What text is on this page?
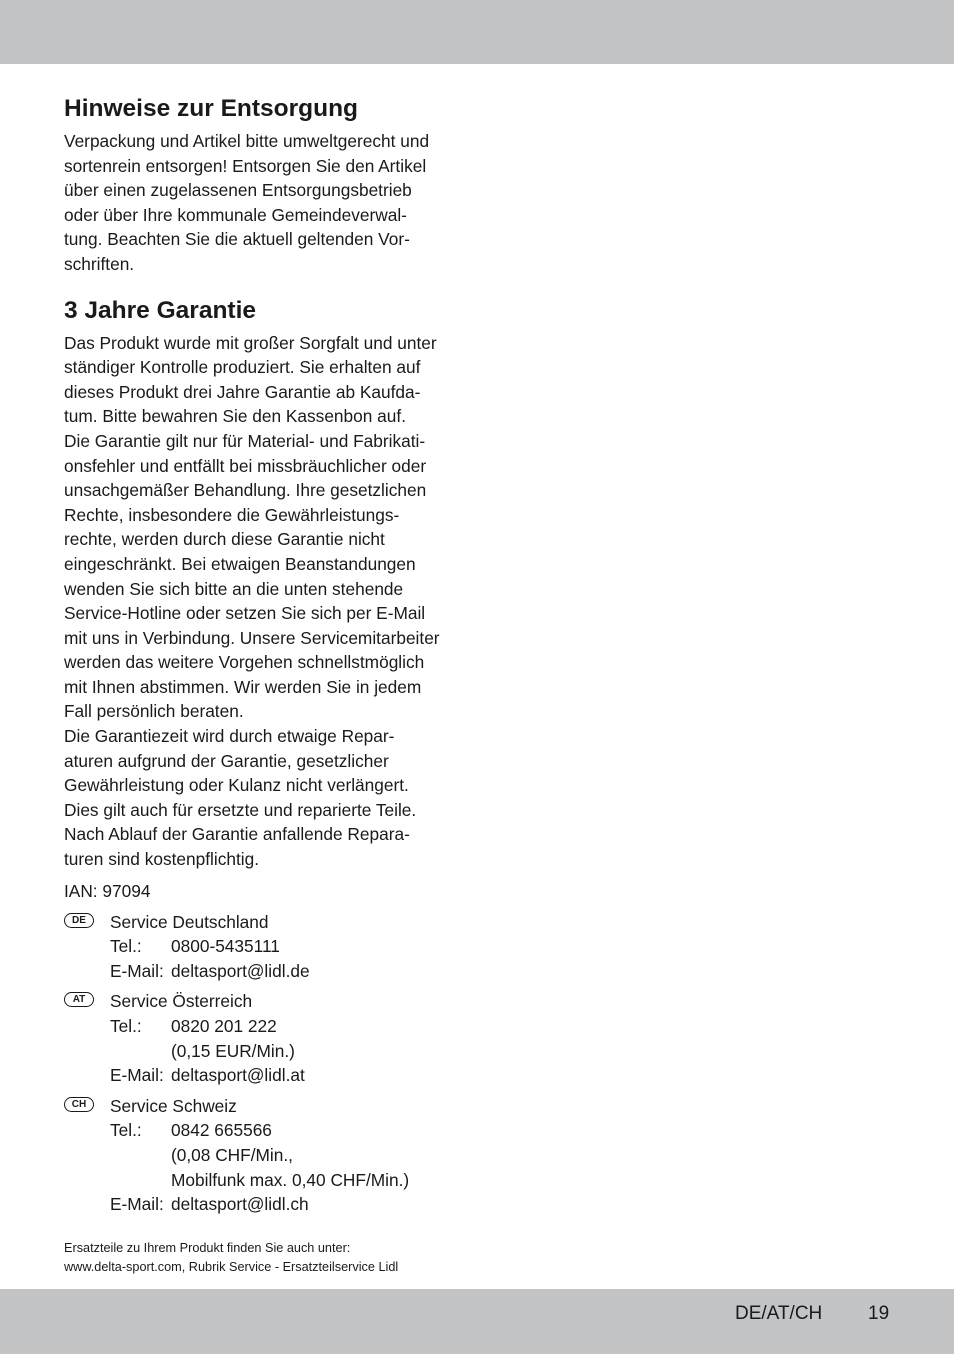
Hinweise zur Entsorgung
Verpackung und Artikel bitte umweltgerecht und
sortenrein entsorgen! Entsorgen Sie den Artikel
über einen zugelassenen Entsorgungsbetrieb
oder über Ihre kommunale Gemeindeverwal-
tung. Beachten Sie die aktuell geltenden Vor-
schriften.
3 Jahre Garantie
Das Produkt wurde mit großer Sorgfalt und unter
ständiger Kontrolle produziert. Sie erhalten auf
dieses Produkt drei Jahre Garantie ab Kaufda-
tum. Bitte bewahren Sie den Kassenbon auf.
Die Garantie gilt nur für Material- und Fabrikati-
onsfehler und entfällt bei missbräuchlicher oder
unsachgemäßer Behandlung. Ihre gesetzlichen
Rechte, insbesondere die Gewährleistungs-
rechte, werden durch diese Garantie nicht
eingeschränkt. Bei etwaigen Beanstandungen
wenden Sie sich bitte an die unten stehende
Service-Hotline oder setzen Sie sich per E-Mail
mit uns in Verbindung. Unsere Servicemitarbeiter
werden das weitere Vorgehen schnellstmöglich
mit Ihnen abstimmen. Wir werden Sie in jedem
Fall persönlich beraten.
Die Garantiezeit wird durch etwaige Repar-
aturen aufgrund der Garantie, gesetzlicher
Gewährleistung oder Kulanz nicht verlängert.
Dies gilt auch für ersetzte und reparierte Teile.
Nach Ablauf der Garantie anfallende Repara-
turen sind kostenpflichtig.
IAN: 97094
DE	Service Deutschland
Tel.:	0800-5435111
E-Mail: deltasport@lidl.de
AT	Service Österreich
Tel.:	0820 201 222
(0,15 EUR/Min.)
E-Mail: deltasport@lidl.at
CH	Service Schweiz
Tel.:	0842 665566
(0,08 CHF/Min.,
Mobilfunk max. 0,40 CHF/Min.)
E-Mail: deltasport@lidl.ch
Ersatzteile zu Ihrem Produkt finden Sie auch unter:
www.delta-sport.com, Rubrik Service - Ersatzteilservice Lidl
DE/AT/CH 19
